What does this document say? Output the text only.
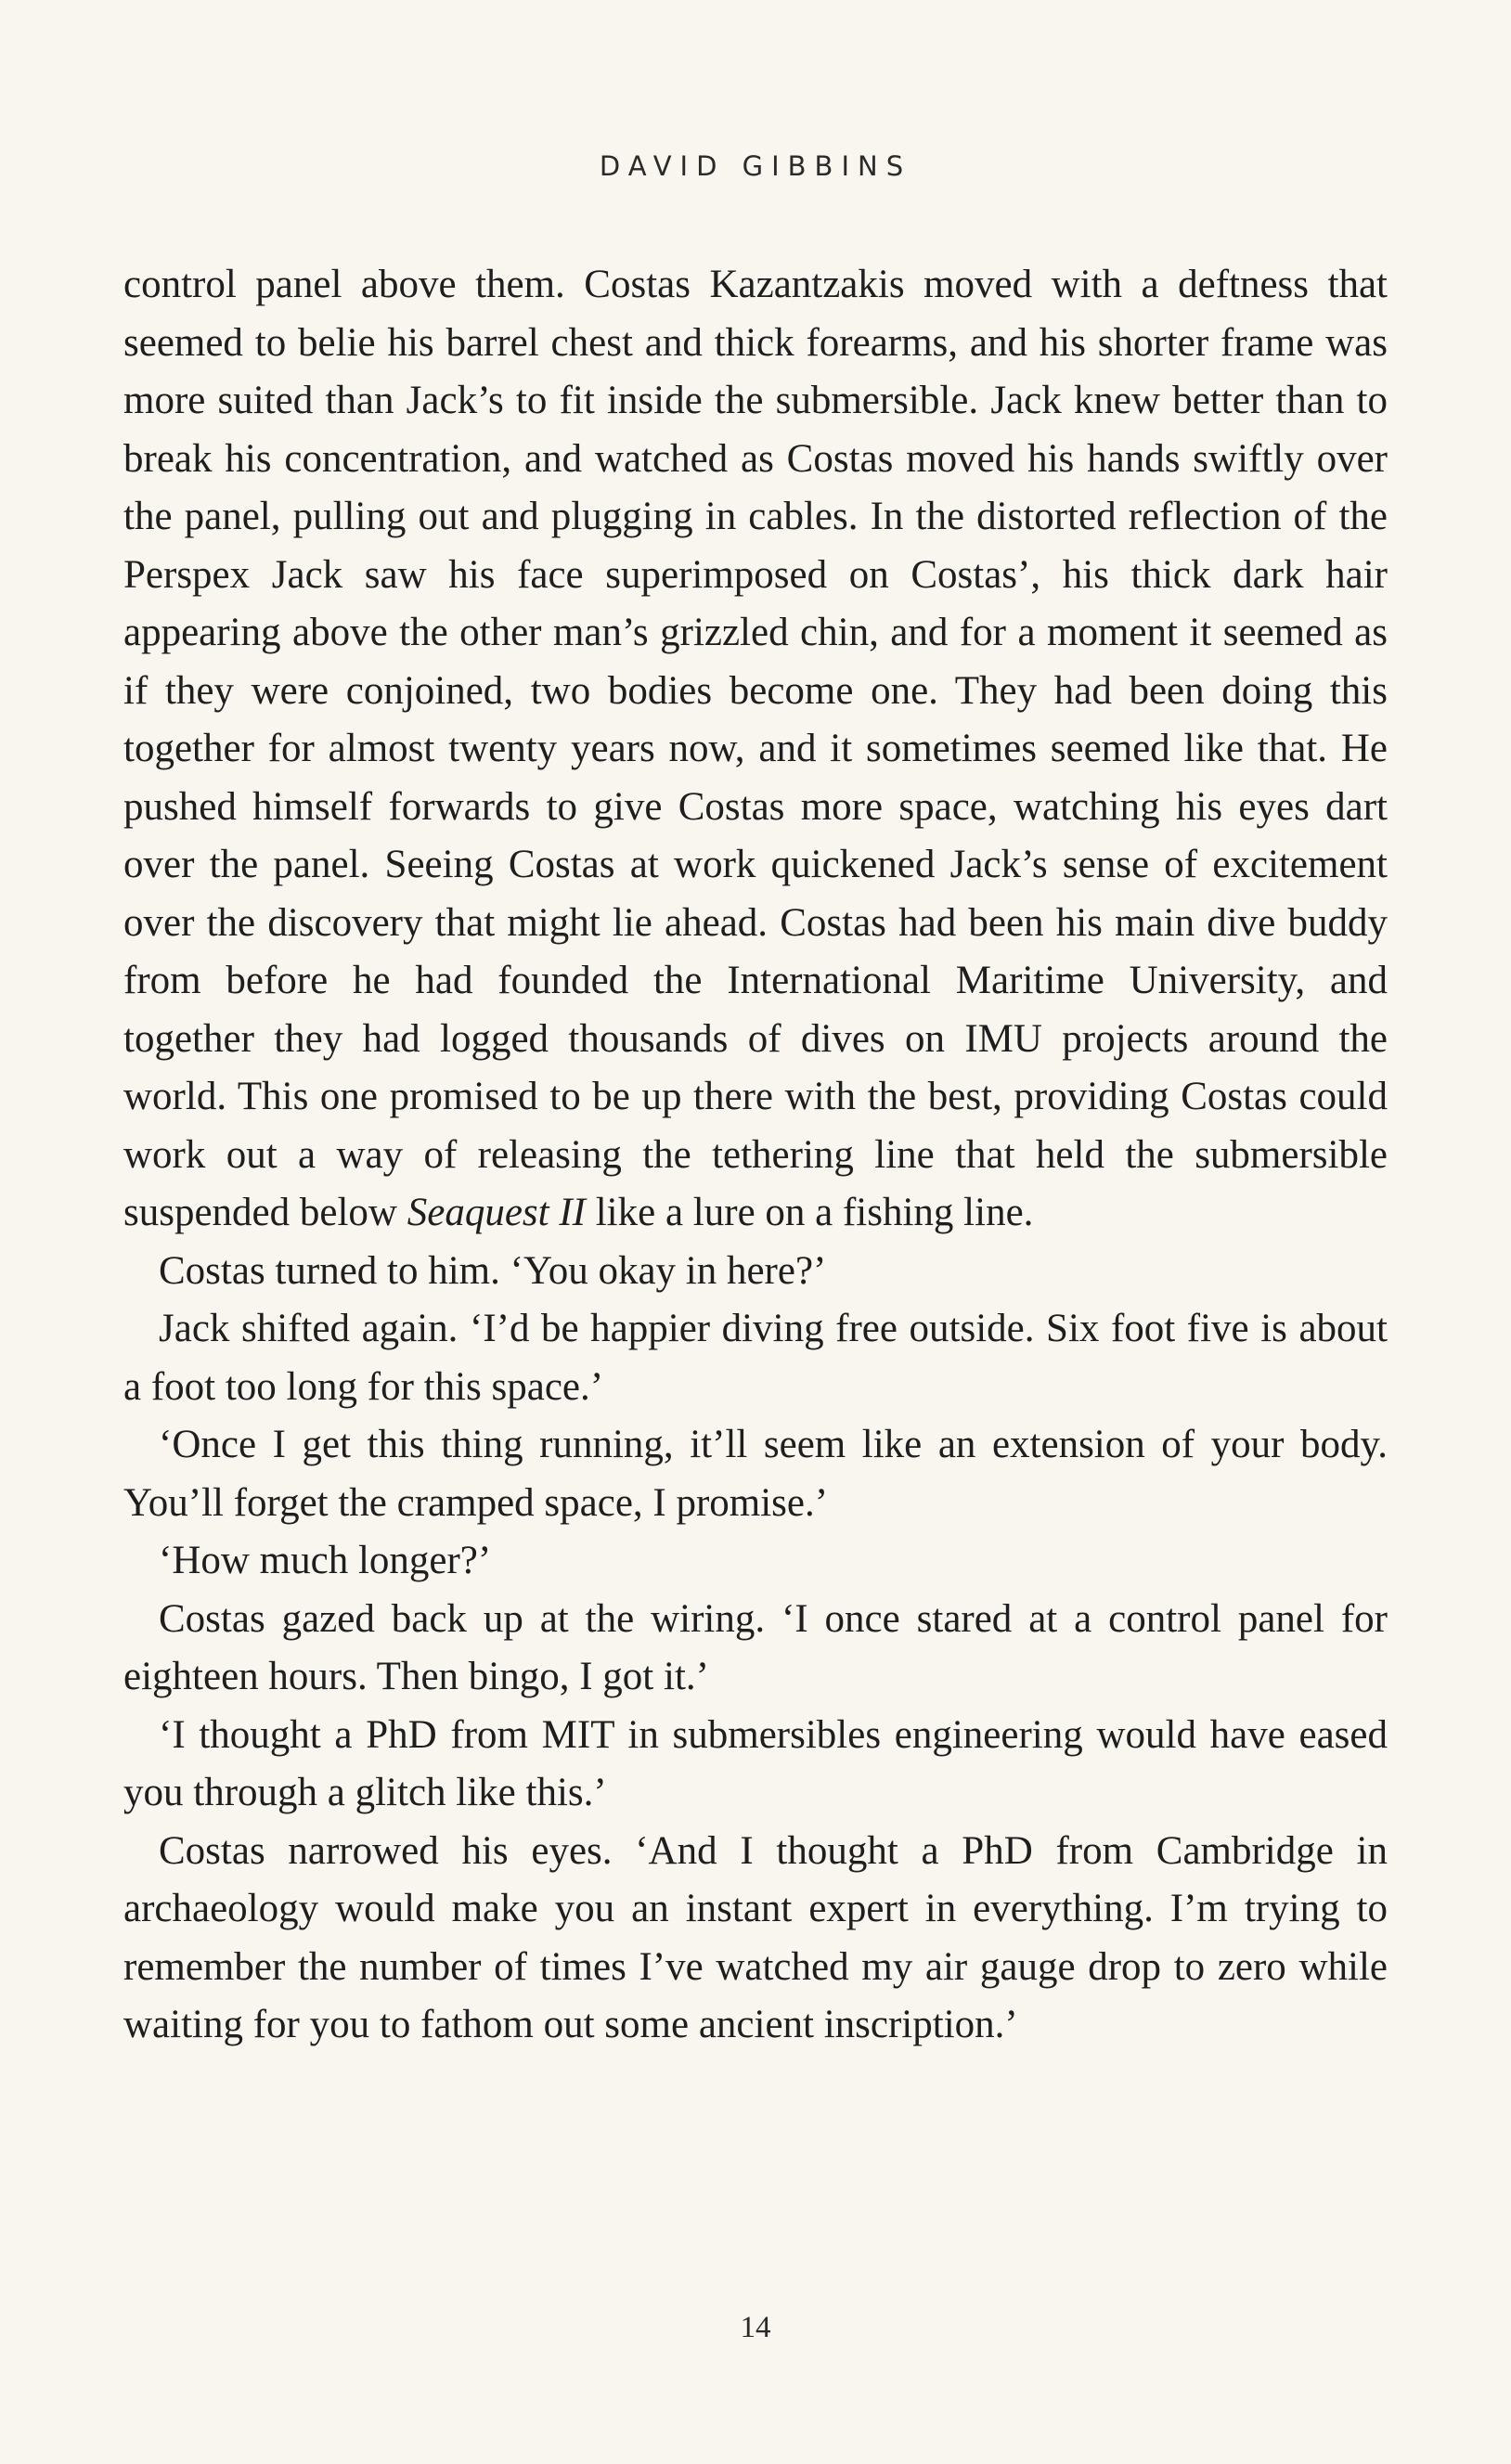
DAVID GIBBINS

control panel above them. Costas Kazantzakis moved with a deftness that seemed to belie his barrel chest and thick forearms, and his shorter frame was more suited than Jack’s to fit inside the submersible. Jack knew better than to break his concentration, and watched as Costas moved his hands swiftly over the panel, pulling out and plugging in cables. In the distorted reflection of the Perspex Jack saw his face superimposed on Costas’, his thick dark hair appearing above the other man’s grizzled chin, and for a moment it seemed as if they were conjoined, two bodies become one. They had been doing this together for almost twenty years now, and it sometimes seemed like that. He pushed himself forwards to give Costas more space, watching his eyes dart over the panel. Seeing Costas at work quickened Jack’s sense of excitement over the discovery that might lie ahead. Costas had been his main dive buddy from before he had founded the International Maritime University, and together they had logged thousands of dives on IMU projects around the world. This one promised to be up there with the best, providing Costas could work out a way of releasing the tethering line that held the submersible suspended below Seaquest II like a lure on a fishing line.

Costas turned to him. ‘You okay in here?’

Jack shifted again. ‘I’d be happier diving free outside. Six foot five is about a foot too long for this space.’

‘Once I get this thing running, it’ll seem like an extension of your body. You’ll forget the cramped space, I promise.’

‘How much longer?’

Costas gazed back up at the wiring. ‘I once stared at a control panel for eighteen hours. Then bingo, I got it.’

‘I thought a PhD from MIT in submersibles engineering would have eased you through a glitch like this.’

Costas narrowed his eyes. ‘And I thought a PhD from Cambridge in archaeology would make you an instant expert in everything. I’m trying to remember the number of times I’ve watched my air gauge drop to zero while waiting for you to fathom out some ancient inscription.’

14
